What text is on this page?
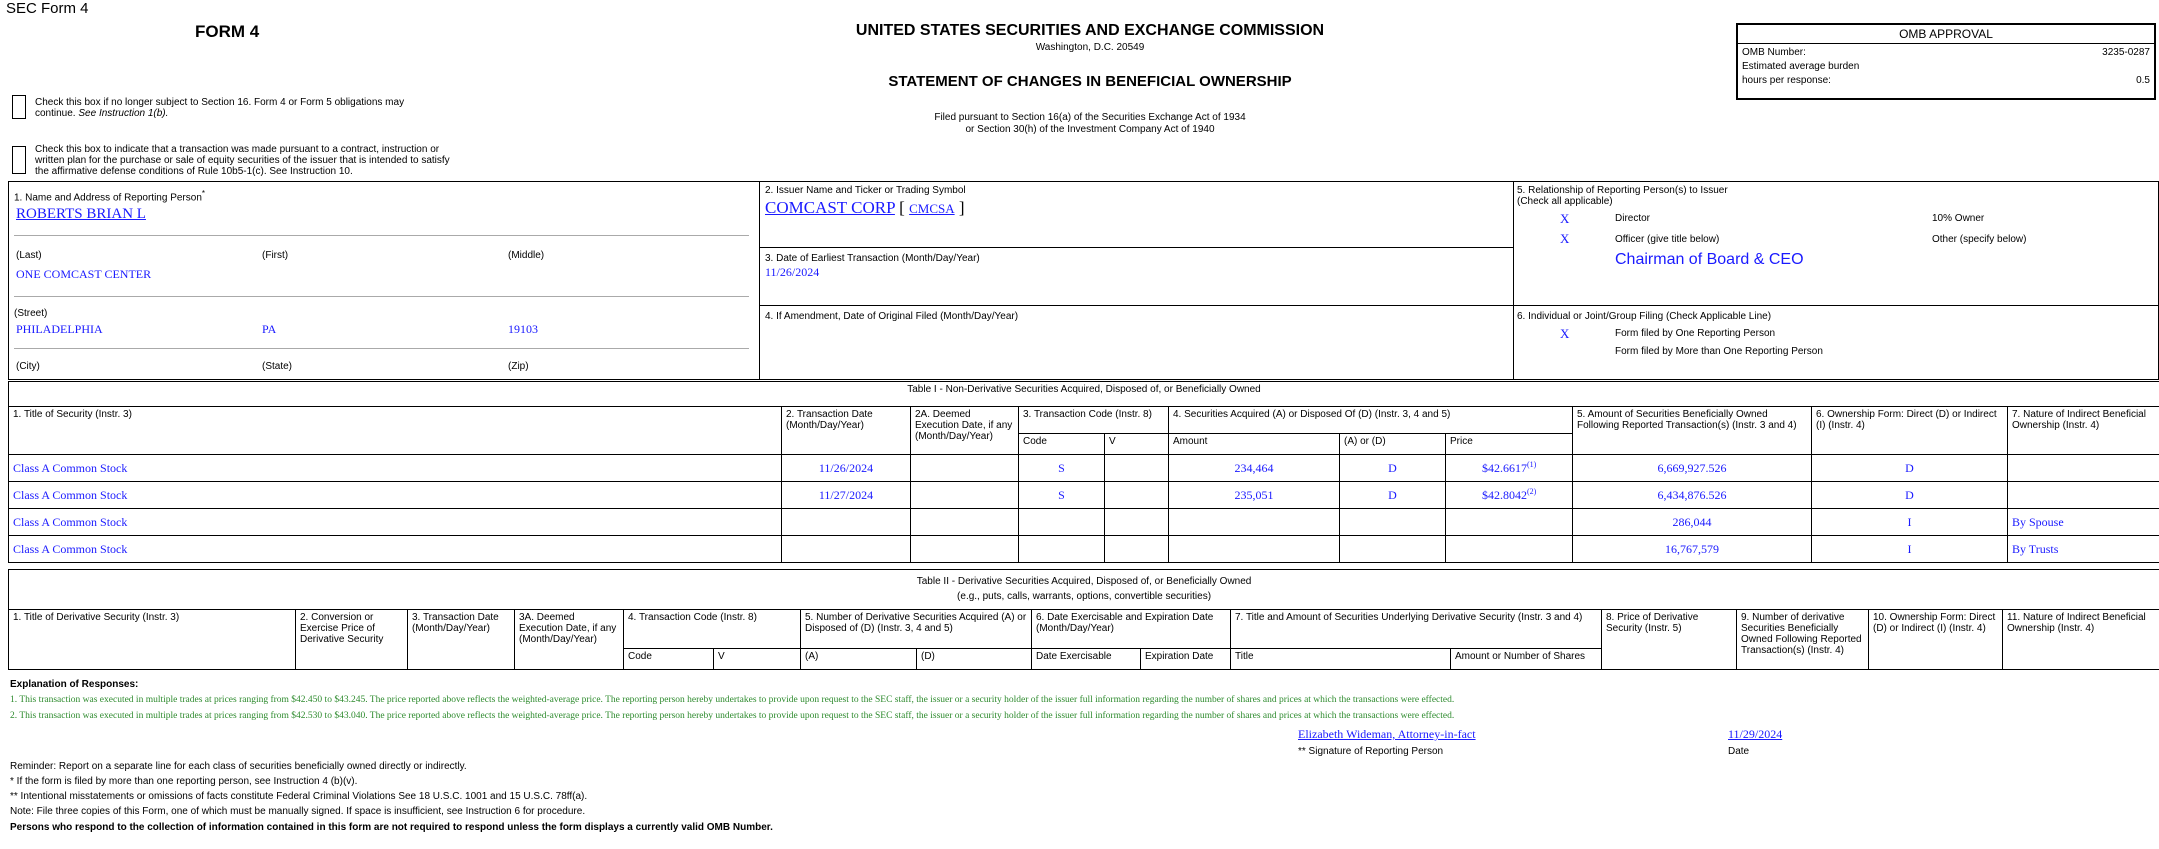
SEC Form 4
FORM 4	UNITED STATES SECURITIES AND EXCHANGE COMMISSION
Washington, D.C. 20549
STATEMENT OF CHANGES IN BENEFICIAL OWNERSHIP
Filed pursuant to Section 16(a) of the Securities Exchange Act of 1934
or Section 30(h) of the Investment Company Act of 1940
OMB APPROVAL
OMB Number:	3235-0287
Estimated average burden
hours per response:	0.5
Check this box if no longer subject to Section 16. Form 4 or Form 5 obligations may continue. See Instruction 1(b).
Check this box to indicate that a transaction was made pursuant to a contract, instruction or written plan for the purchase or sale of equity securities of the issuer that is intended to satisfy the affirmative defense conditions of Rule 10b5-1(c). See Instruction 10.
1. Name and Address of Reporting Person*
ROBERTS BRIAN L
(Last)	(First)	(Middle)
ONE COMCAST CENTER
(Street)
PHILADELPHIA	PA	19103
(City)	(State)	(Zip)
2. Issuer Name and Ticker or Trading Symbol
COMCAST CORP [ CMCSA ]
3. Date of Earliest Transaction (Month/Day/Year)
11/26/2024
4. If Amendment, Date of Original Filed (Month/Day/Year)
5. Relationship of Reporting Person(s) to Issuer
(Check all applicable)
X	Director	10% Owner
X	Officer (give title below)	Other (specify below)
Chairman of Board & CEO
6. Individual or Joint/Group Filing (Check Applicable Line)
X	Form filed by One Reporting Person
Form filed by More than One Reporting Person
Table I - Non-Derivative Securities Acquired, Disposed of, or Beneficially Owned										
1. Title of Security (Instr. 3)	2. Transaction Date (Month/Day/Year)	2A. Deemed Execution Date, if any (Month/Day/Year)	3. Transaction Code (Instr. 8)		4. Securities Acquired (A) or Disposed Of (D) (Instr. 3, 4 and 5)			5. Amount of Securities Beneficially Owned Following Reported Transaction(s) (Instr. 3 and 4)	6. Ownership Form: Direct (D) or Indirect (I) (Instr. 4)	7. Nature of Indirect Beneficial Ownership (Instr. 4)
			Code	V	Amount	(A) or (D)	Price			
Class A Common Stock	11/26/2024		S		234,464	D	$42.6617$^{(1)}$	6,669,927.526	D	
Class A Common Stock	11/27/2024		S		235,051	D	$42.8042$^{(2)}$	6,434,876.526	D	
Class A Common Stock								286,044	I	By Spouse
Class A Common Stock								16,767,579	I	By Trusts
Table II - Derivative Securities Acquired, Disposed of, or Beneficially Owned
(e.g., puts, calls, warrants, options, convertible securities)															

1. Title of Derivative Security (Instr. 3)	2. Conversion or Exercise Price of Derivative Security	3. Transaction Date (Month/Day/Year)	3A. Deemed Execution Date, if any (Month/Day/Year)	4. Transaction Code (Instr. 8)		5. Number of Derivative Securities Acquired (A) or Disposed of (D) (Instr. 3, 4 and 5)		6. Date Exercisable and Expiration Date (Month/Day/Year)		7. Title and Amount of Securities Underlying Derivative Security (Instr. 3 and 4)		8. Price of Derivative Security (Instr. 5)	9. Number of derivative Securities Beneficially Owned Following Reported Transaction(s) (Instr. 4)	10. Ownership Form: Direct (D) or Indirect (I) (Instr. 4)	11. Nature of Indirect Beneficial Ownership (Instr. 4)
				Code	V	(A)	(D)	Date Exercisable	Expiration Date	Title	Amount or Number of Shares				
Explanation of Responses:
1. This transaction was executed in multiple trades at prices ranging from $42.450 to $43.245. The price reported above reflects the weighted-average price. The reporting person hereby undertakes to provide upon request to the SEC staff, the issuer or a security holder of the issuer full information regarding the number of shares and prices at which the transactions were effected.
2. This transaction was executed in multiple trades at prices ranging from $42.530 to $43.040. The price reported above reflects the weighted-average price. The reporting person hereby undertakes to provide upon request to the SEC staff, the issuer or a security holder of the issuer full information regarding the number of shares and prices at which the transactions were effected.
Elizabeth Wideman, Attorney-in-fact	11/29/2024
** Signature of Reporting Person	Date
Reminder: Report on a separate line for each class of securities beneficially owned directly or indirectly.
* If the form is filed by more than one reporting person, see Instruction 4 (b)(v).
** Intentional misstatements or omissions of facts constitute Federal Criminal Violations See 18 U.S.C. 1001 and 15 U.S.C. 78ff(a).
Note: File three copies of this Form, one of which must be manually signed. If space is insufficient, see Instruction 6 for procedure.
Persons who respond to the collection of information contained in this form are not required to respond unless the form displays a currently valid OMB Number.
